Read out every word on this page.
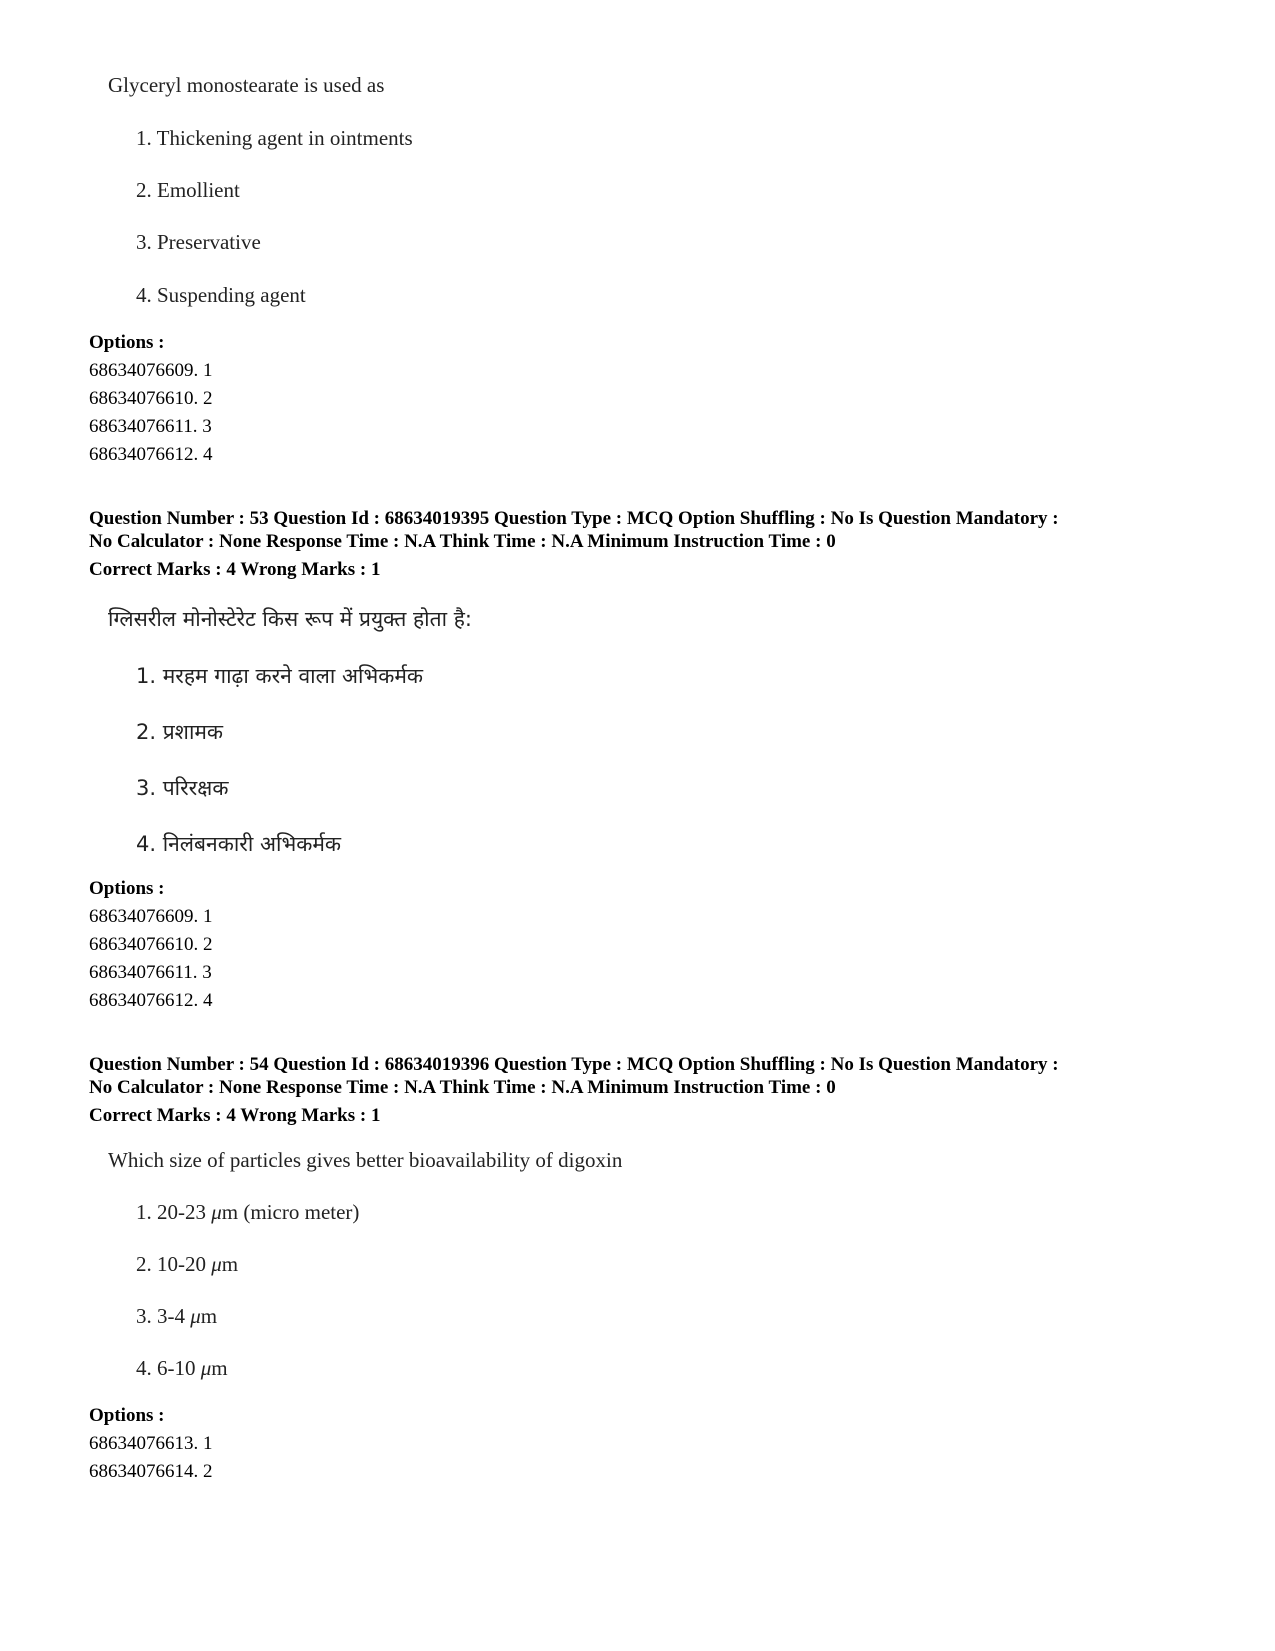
Glyceryl monostearate is used as
1. Thickening agent in ointments
2. Emollient
3. Preservative
4. Suspending agent
Options :
68634076609. 1
68634076610. 2
68634076611. 3
68634076612. 4
Question Number : 53 Question Id : 68634019395 Question Type : MCQ Option Shuffling : No Is Question Mandatory :
No Calculator : None Response Time : N.A Think Time : N.A Minimum Instruction Time : 0
Correct Marks : 4 Wrong Marks : 1
ग्लिसरील मोनोस्टेरेट किस रूप में प्रयुक्त होता है:
1. मरहम गाढ़ा करने वाला अभिकर्मक
2. प्रशामक
3. परिरक्षक
4. निलंबनकारी अभिकर्मक
Options :
68634076609. 1
68634076610. 2
68634076611. 3
68634076612. 4
Question Number : 54 Question Id : 68634019396 Question Type : MCQ Option Shuffling : No Is Question Mandatory :
No Calculator : None Response Time : N.A Think Time : N.A Minimum Instruction Time : 0
Correct Marks : 4 Wrong Marks : 1
Which size of particles gives better bioavailability of digoxin
1. 20-23 μm (micro meter)
2. 10-20 μm
3. 3-4 μm
4. 6-10 μm
Options :
68634076613. 1
68634076614. 2
